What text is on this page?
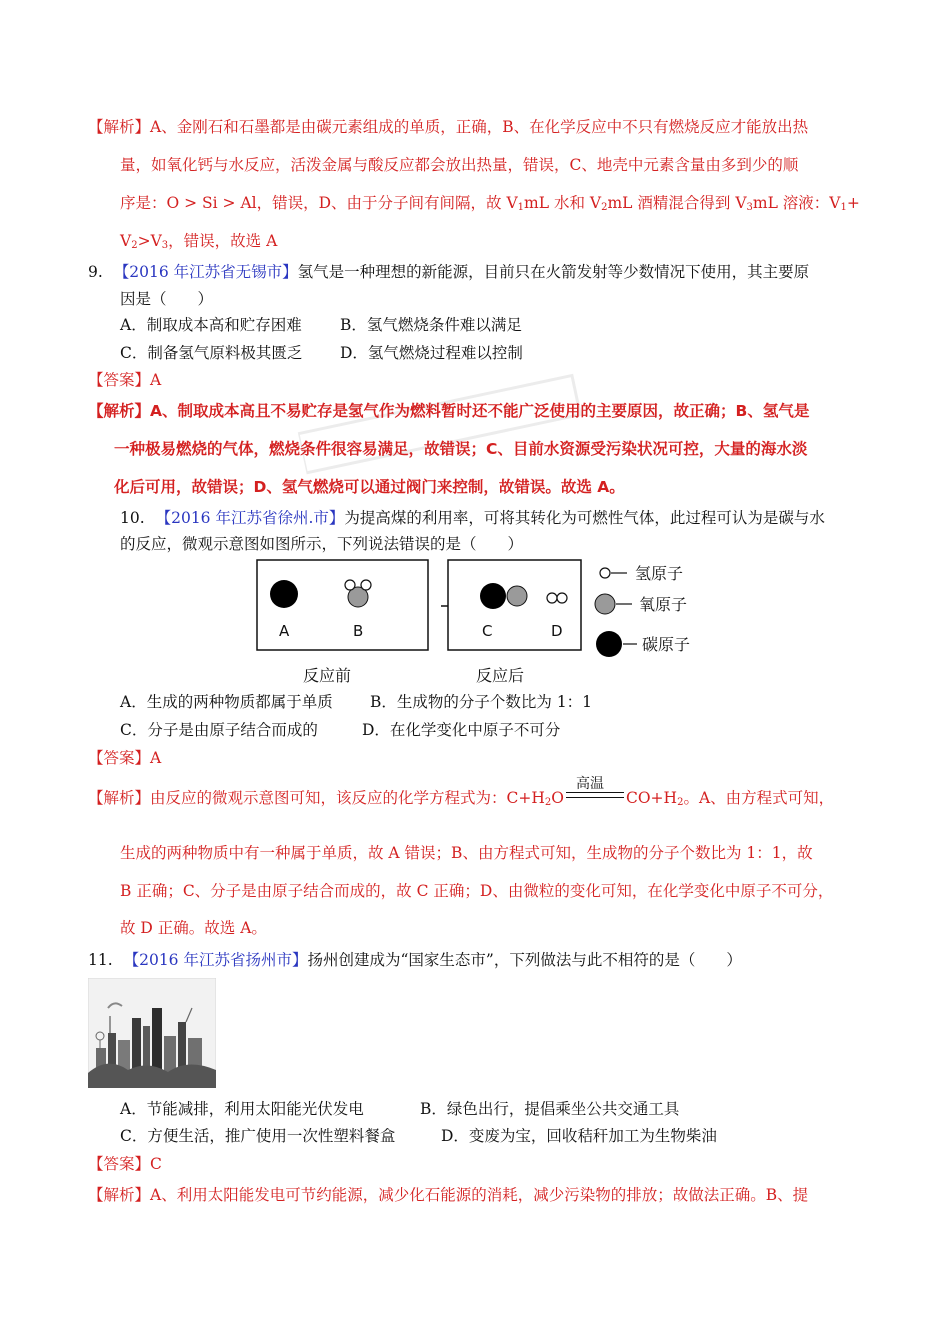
【解析】A、金刚石和石墨都是由碳元素组成的单质，正确，B、在化学反应中不只有燃烧反应才能放出热
量，如氧化钙与水反应，活泼金属与酸反应都会放出热量，错误，C、地壳中元素含量由多到少的顺
序是：O > Si > Al，错误，D、由于分子间有间隔，故 $V_1mL$ 水和 $V_2mL$ 酒精混合得到 $V_3mL$ 溶液：$V_1+$
$V_2>V_3$，错误，故选 A
9. 【2016 年江苏省无锡市】氢气是一种理想的新能源，目前只在火箭发射等少数情况下使用，其主要原
因是（　　）
A．制取成本高和贮存困难 B．氢气燃烧条件难以满足
C．制备氢气原料极其匮乏 D．氢气燃烧过程难以控制
【答案】A
【解析】A、制取成本高且不易贮存是氢气作为燃料暂时还不能广泛使用的主要原因，故正确；B、氢气是
一种极易燃烧的气体，燃烧条件很容易满足，故错误；C、目前水资源受污染状况可控，大量的海水淡
化后可用，故错误；D、氢气燃烧可以通过阀门来控制，故错误。故选 A。
10. 【2016 年江苏省徐州.市】为提高煤的利用率，可将其转化为可燃性气体，此过程可认为是碳与水
的反应，微观示意图如图所示，下列说法错误的是（　　）
A	B	C	D
氢原子
氧原子
碳原子
反应前	反应后
A．生成的两种物质都属于单质 B．生成物的分子个数比为 1：1
C．分子是由原子结合而成的	D．在化学变化中原子不可分
【答案】A
【解析】由反应的微观示意图可知，该反应的化学方程式为：$C+H_2O$
高温
$CO+H_2$。A、由方程式可知，
生成的两种物质中有一种属于单质，故 A 错误；B、由方程式可知，生成物的分子个数比为 1：1，故
B 正确；C、分子是由原子结合而成的，故 C 正确；D、由微粒的变化可知，在化学变化中原子不可分，
故 D 正确。故选 A。
11. 【2016 年江苏省扬州市】扬州创建成为“国家生态市”，下列做法与此不相符的是（　　）
A．节能减排，利用太阳能光伏发电	B．绿色出行，提倡乘坐公共交通工具
C．方便生活，推广使用一次性塑料餐盒	D．变废为宝，回收秸秆加工为生物柴油
【答案】C
【解析】A、利用太阳能发电可节约能源，减少化石能源的消耗，减少污染物的排放；故做法正确。B、提
